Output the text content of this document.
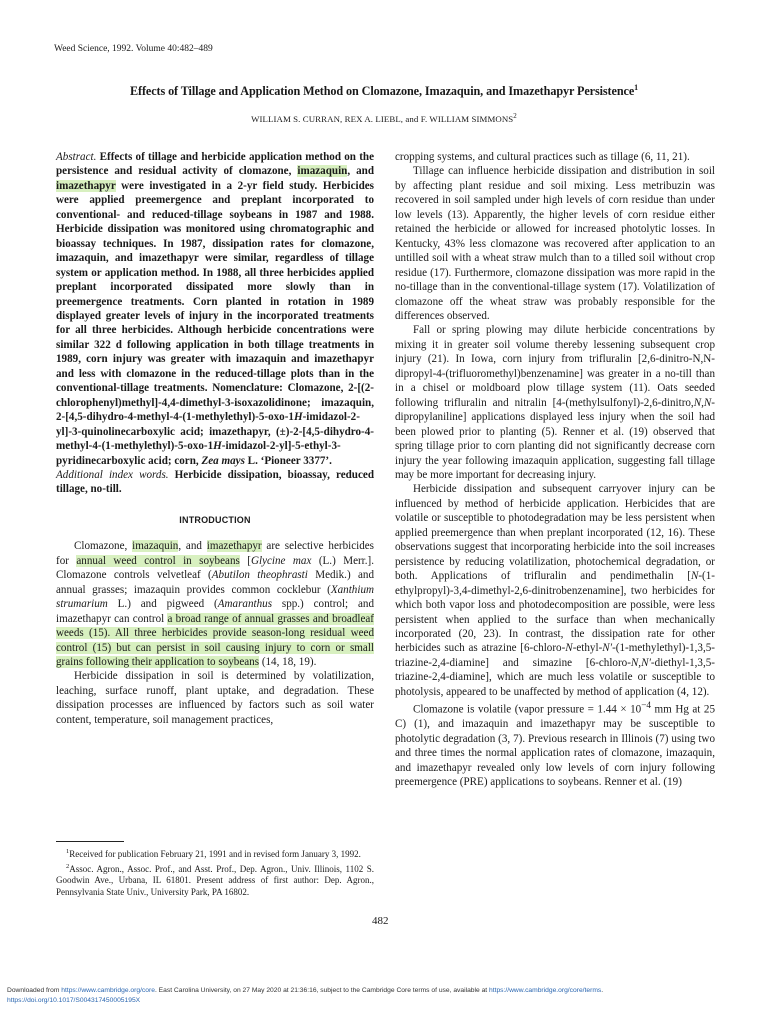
Weed Science, 1992. Volume 40:482–489
Effects of Tillage and Application Method on Clomazone, Imazaquin, and Imazethapyr Persistence$^1$
WILLIAM S. CURRAN, REX A. LIEBL, and F. WILLIAM SIMMONS$^2$

Abstract. Effects of tillage and herbicide application method on the persistence and residual activity of clomazone, imazaquin, and imazethapyr were investigated in a 2-yr field study. Herbicides were applied preemergence and preplant incorporated to conventional- and reduced-tillage soybeans in 1987 and 1988. Herbicide dissipation was monitored using chromatographic and bioassay techniques. In 1987, dissipation rates for clomazone, imazaquin, and imazethapyr were similar, regardless of tillage system or application method. In 1988, all three herbicides applied preplant incorporated dissipated more slowly than in preemergence treatments. Corn planted in rotation in 1989 displayed greater levels of injury in the incorporated treatments for all three herbicides. Although herbicide concentrations were similar 322 d following application in both tillage treatments in 1989, corn injury was greater with imazaquin and imazethapyr and less with clomazone in the reduced-tillage plots than in the conventional-tillage treatments. Nomenclature: Clomazone, 2-[(2-chlorophenyl)methyl]-4,4-dimethyl-3-isoxazolidinone; imazaquin, 2-[4,5-dihydro-4-methyl-4-(1-methylethyl)-5-oxo-1H-imidazol-2-yl]-3-quinolinecarboxylic acid; imazethapyr, (±)-2-[4,5-dihydro-4-methyl-4-(1-methylethyl)-5-oxo-1H-imidazol-2-yl]-5-ethyl-3-pyridinecarboxylic acid; corn, Zea mays L. ‘Pioneer 3377’.

Additional index words. Herbicide dissipation, bioassay, reduced tillage, no-till.

INTRODUCTION

Clomazone, imazaquin, and imazethapyr are selective herbicides for annual weed control in soybeans [Glycine max (L.) Merr.]. Clomazone controls velvetleaf (Abutilon theophrasti Medik.) and annual grasses; imazaquin provides common cocklebur (Xanthium strumarium L.) and pigweed (Amaranthus spp.) control; and imazethapyr can control a broad range of annual grasses and broadleaf weeds (15). All three herbicides provide season-long residual weed control (15) but can persist in soil causing injury to corn or small grains following their application to soybeans (14, 18, 19).

Herbicide dissipation in soil is determined by volatilization, leaching, surface runoff, plant uptake, and degradation. These dissipation processes are influenced by factors such as soil water content, temperature, soil management practices,

cropping systems, and cultural practices such as tillage (6, 11, 21).

Tillage can influence herbicide dissipation and distribution in soil by affecting plant residue and soil mixing. Less metribuzin was recovered in soil sampled under high levels of corn residue than under low levels (13). Apparently, the higher levels of corn residue either retained the herbicide or allowed for increased photolytic losses. In Kentucky, 43% less clomazone was recovered after application to an untilled soil with a wheat straw mulch than to a tilled soil without crop residue (17). Furthermore, clomazone dissipation was more rapid in the no-tillage than in the conventional-tillage system (17). Volatilization of clomazone off the wheat straw was probably responsible for the differences observed.

Fall or spring plowing may dilute herbicide concentrations by mixing it in greater soil volume thereby lessening subsequent crop injury (21). In Iowa, corn injury from trifluralin [2,6-dinitro-N,N-dipropyl-4-(trifluoromethyl)benzenamine] was greater in a no-till than in a chisel or moldboard plow tillage system (11). Oats seeded following trifluralin and nitralin [4-(methylsulfonyl)-2,6-dinitro,N,N-dipropylaniline] applications displayed less injury when the soil had been plowed prior to planting (5). Renner et al. (19) observed that spring tillage prior to corn planting did not significantly decrease corn injury the year following imazaquin application, suggesting fall tillage may be more important for decreasing injury.

Herbicide dissipation and subsequent carryover injury can be influenced by method of herbicide application. Herbicides that are volatile or susceptible to photodegradation may be less persistent when applied preemergence than when preplant incorporated (12, 16). These observations suggest that incorporating herbicide into the soil increases persistence by reducing volatilization, photochemical degradation, or both. Applications of trifluralin and pendimethalin [N-(1-ethylpropyl)-3,4-dimethyl-2,6-dinitrobenzenamine], two herbicides for which both vapor loss and photodecomposition are possible, were less persistent when applied to the surface than when mechanically incorporated (20, 23). In contrast, the dissipation rate for other herbicides such as atrazine [6-chloro-N-ethyl-N′-(1-methylethyl)-1,3,5-triazine-2,4-diamine] and simazine [6-chloro-N,N′-diethyl-1,3,5-triazine-2,4-diamine], which are much less volatile or susceptible to photolysis, appeared to be unaffected by method of application (4, 12).

Clomazone is volatile (vapor pressure = $1.44 \times 10^{-4}$ mm Hg at 25 C) (1), and imazaquin and imazethapyr may be susceptible to photolytic degradation (3, 7). Previous research in Illinois (7) using two and three times the normal application rates of clomazone, imazaquin, and imazethapyr revealed only low levels of corn injury following preemergence (PRE) applications to soybeans. Renner et al. (19)

$^1$Received for publication February 21, 1991 and in revised form January 3, 1992.

$^2$Assoc. Agron., Assoc. Prof., and Asst. Prof., Dep. Agron., Univ. Illinois, 1102 S. Goodwin Ave., Urbana, IL 61801. Present address of first author: Dep. Agron., Pennsylvania State Univ., University Park, PA 16802.

482
Downloaded from https://www.cambridge.org/core. East Carolina University, on 27 May 2020 at 21:36:16, subject to the Cambridge Core terms of use, available at https://www.cambridge.org/core/terms.
https://doi.org/10.1017/S004317450005195X
